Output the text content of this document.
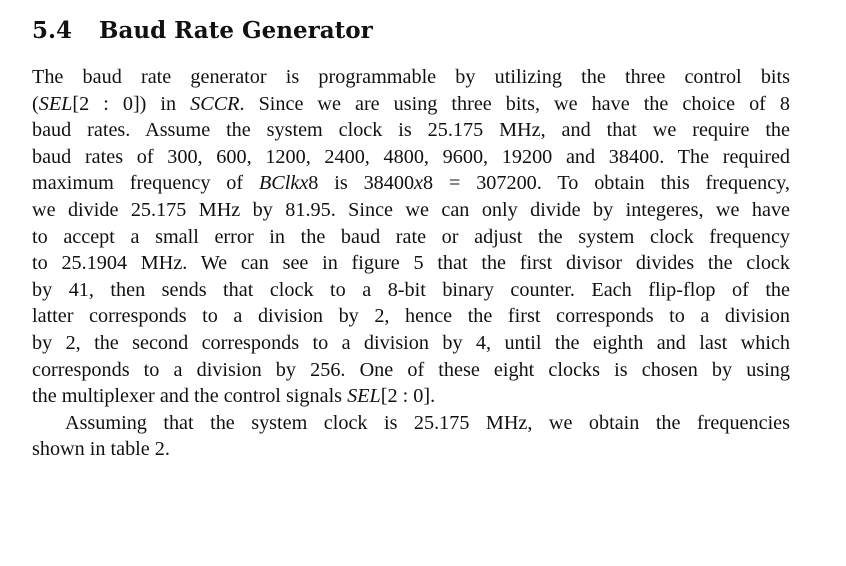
5.4	Baud Rate Generator

The baud rate generator is programmable by utilizing the three control bits
(SEL[2 : 0]) in SCCR. Since we are using three bits, we have the choice of 8
baud rates. Assume the system clock is 25.175 MHz, and that we require the
baud rates of 300, 600, 1200, 2400, 4800, 9600, 19200 and 38400. The required
maximum frequency of BClkx8 is 38400x8 = 307200. To obtain this frequency,
we divide 25.175 MHz by 81.95. Since we can only divide by integeres, we have
to accept a small error in the baud rate or adjust the system clock frequency
to 25.1904 MHz. We can see in figure 5 that the first divisor divides the clock
by 41, then sends that clock to a 8-bit binary counter. Each flip-flop of the
latter corresponds to a division by 2, hence the first corresponds to a division
by 2, the second corresponds to a division by 4, until the eighth and last which
corresponds to a division by 256. One of these eight clocks is chosen by using
the multiplexer and the control signals SEL[2 : 0].

Assuming that the system clock is 25.175 MHz, we obtain the frequencies
shown in table 2.
